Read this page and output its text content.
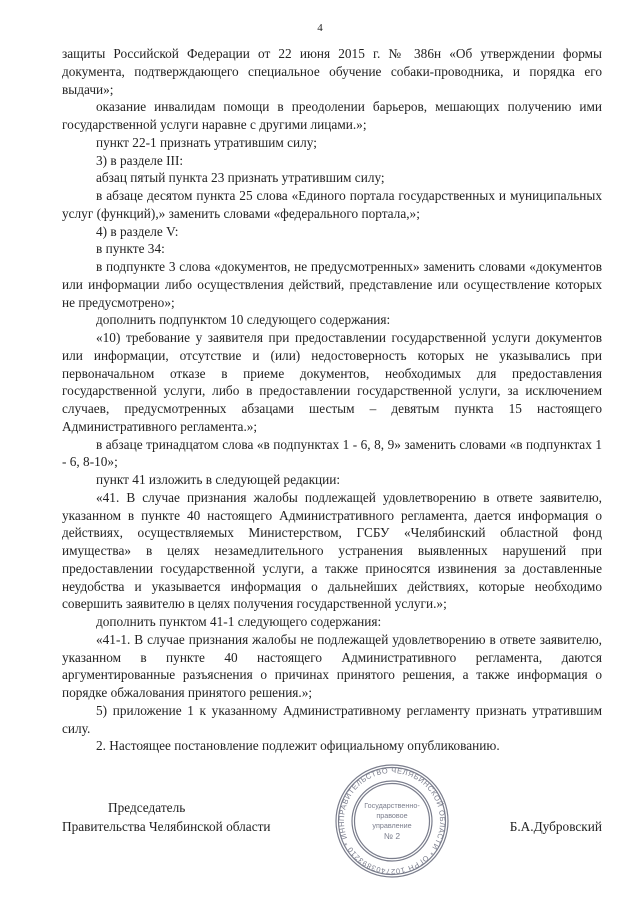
4

защиты Российской Федерации от 22 июня 2015 г. № 386н «Об утверждении формы документа, подтверждающего специальное обучение собаки-проводника, и порядка его выдачи»;

оказание инвалидам помощи в преодолении барьеров, мешающих получению ими государственной услуги наравне с другими лицами.»;

пункт 22-1 признать утратившим силу;

3) в разделе III:

абзац пятый пункта 23 признать утратившим силу;

в абзаце десятом пункта 25 слова «Единого портала государственных и муниципальных услуг (функций),» заменить словами «федерального портала,»;

4) в разделе V:

в пункте 34:

в подпункте 3 слова «документов, не предусмотренных» заменить словами «документов или информации либо осуществления действий, представление или осуществление которых не предусмотрено»;

дополнить подпунктом 10 следующего содержания:

«10) требование у заявителя при предоставлении государственной услуги документов или информации, отсутствие и (или) недостоверность которых не указывались при первоначальном отказе в приеме документов, необходимых для предоставления государственной услуги, либо в предоставлении государственной услуги, за исключением случаев, предусмотренных абзацами шестым – девятым пункта 15 настоящего Административного регламента.»;

в абзаце тринадцатом слова «в подпунктах 1 - 6, 8, 9» заменить словами «в подпунктах 1 - 6, 8-10»;

пункт 41 изложить в следующей редакции:

«41. В случае признания жалобы подлежащей удовлетворению в ответе заявителю, указанном в пункте 40 настоящего Административного регламента, дается информация о действиях, осуществляемых Министерством, ГСБУ «Челябинский областной фонд имущества» в целях незамедлительного устранения выявленных нарушений при предоставлении государственной услуги, а также приносятся извинения за доставленные неудобства и указывается информация о дальнейших действиях, которые необходимо совершить заявителю в целях получения государственной услуги.»;

дополнить пунктом 41-1 следующего содержания:

«41-1. В случае признания жалобы не подлежащей удовлетворению в ответе заявителю, указанном в пункте 40 настоящего Административного регламента, даются аргументированные разъяснения о причинах принятого решения, а также информация о порядке обжалования принятого решения.»;

5) приложение 1 к указанному Административному регламенту признать утратившим силу.

2. Настоящее постановление подлежит официальному опубликованию.

Председатель
Правительства Челябинской области	Б.А.Дубровский
ПРАВИТЕЛЬСТВО ЧЕЛЯБИНСКОЙ ОБЛАСТИ * ОГРН 1027403893210 * ИНН
Государственно-
правовое
управление
№ 2
